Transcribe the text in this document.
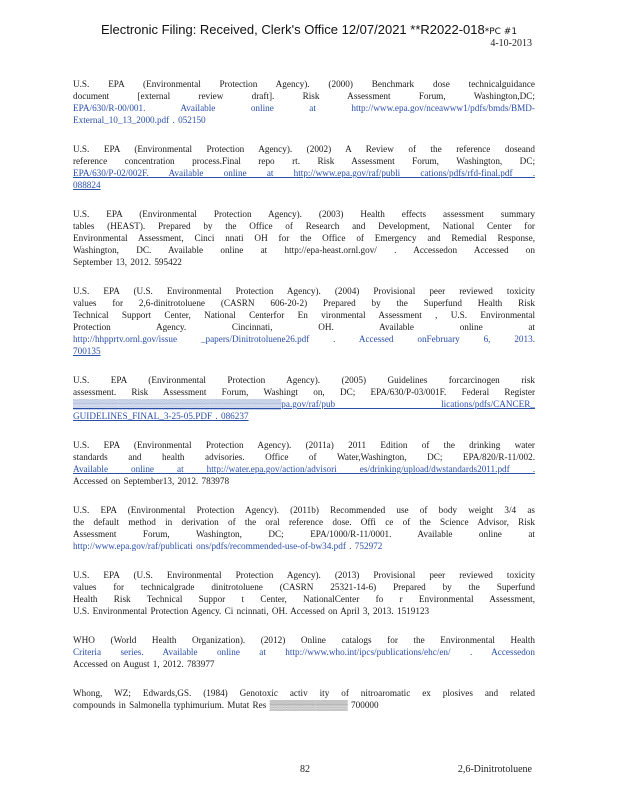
Electronic Filing: Received, Clerk's Office 12/07/2021 **R2022-018*PC #1
4-10-2013
U.S. EPA (Environmental Protection Agency). (2000) Benchmark dose technicalguidance
document [external review draft]. Risk Assessment Forum, Washington,DC;
EPA/630/R-00/001. Available online at http://www.epa.gov/nceawww1/pdfs/bmds/BMD-
External_10_13_2000.pdf . 052150
U.S. EPA (Environmental Protection Agency). (2002) A Review of the reference doseand
reference concentration process.Final repo rt. Risk Assessment Forum, Washington, DC;
EPA/630/P-02/002F. Available online at http://www.epa.gov/raf/publi cations/pdfs/rfd-final.pdf .
088824
U.S. EPA (Environmental Protection Agency). (2003) Health effects assessment summary
tables (HEAST). Prepared by the Office of Research and Development, National Center for
Environmental Assessment, Cinci nnati OH for the Office of Emergency and Remedial Response,
Washington, DC. Available online at http://epa-heast.ornl.gov/ . Accessedon Accessed on
September 13, 2012. 595422
U.S. EPA (U.S. Environmental Protection Agency). (2004) Provisional peer reviewed toxicity
values for 2,6-dinitrotoluene (CASRN 606-20-2) Prepared by the Superfund Health Risk
Technical Support Center, National Centerfor En vironmental Assessment , U.S. Environmental
Protection Agency. Cincinnati, OH. Available online at
http://hhpprtv.ornl.gov/issue _papers/Dinitrotoluene26.pdf . Accessed onFebruary 6, 2013.
700135
U.S. EPA (Environmental Protection Agency). (2005) Guidelines forcarcinogen risk
assessment. Risk Assessment Forum, Washingt on, DC; EPA/630/P-03/001F. Federal Register
▒▒▒▒▒▒▒▒▒▒▒▒▒▒▒▒▒▒▒▒▒▒▒▒▒▒▒▒▒▒▒▒pa.gov/raf/pub lications/pdfs/CANCER_
GUIDELINES_FINAL_3-25-05.PDF . 086237
U.S. EPA (Environmental Protection Agency). (2011a) 2011 Edition of the drinking water
standards and health advisories. Office of Water,Washington, DC; EPA/820/R-11/002.
Available online at http://water.epa.gov/action/advisori es/drinking/upload/dwstandards2011.pdf .
Accessed on September13, 2012. 783978
U.S. EPA (Environmental Protection Agency). (2011b) Recommended use of body weight 3/4 as
the default method in derivation of the oral reference dose. Offi ce of the Science Advisor, Risk
Assessment Forum, Washington, DC; EPA/1000/R-11/0001. Available online at
http://www.epa.gov/raf/publicati ons/pdfs/recommended-use-of-bw34.pdf . 752972
U.S. EPA (U.S. Environmental Protection Agency). (2013) Provisional peer reviewed toxicity
values for technicalgrade dinitrotoluene (CASRN 25321-14-6) Prepared by the Superfund
Health Risk Technical Suppor t Center, NationalCenter fo r Environmental Assessment,
U.S. Environmental Protection Agency. Ci ncinnati, OH. Accessed on April 3, 2013. 1519123
WHO (World Health Organization). (2012) Online catalogs for the Environmental Health
Criteria series. Available online at http://www.who.int/ipcs/publications/ehc/en/ . Accessedon
Accessed on August 1, 2012. 783977
Whong, WZ; Edwards,GS. (1984) Genotoxic activ ity of nitroaromatic ex plosives and related
compounds in Salmonella typhimurium. Mutat Res ▒▒▒▒▒▒▒▒▒▒▒▒ 700000
82	2,6-Dinitrotoluene
